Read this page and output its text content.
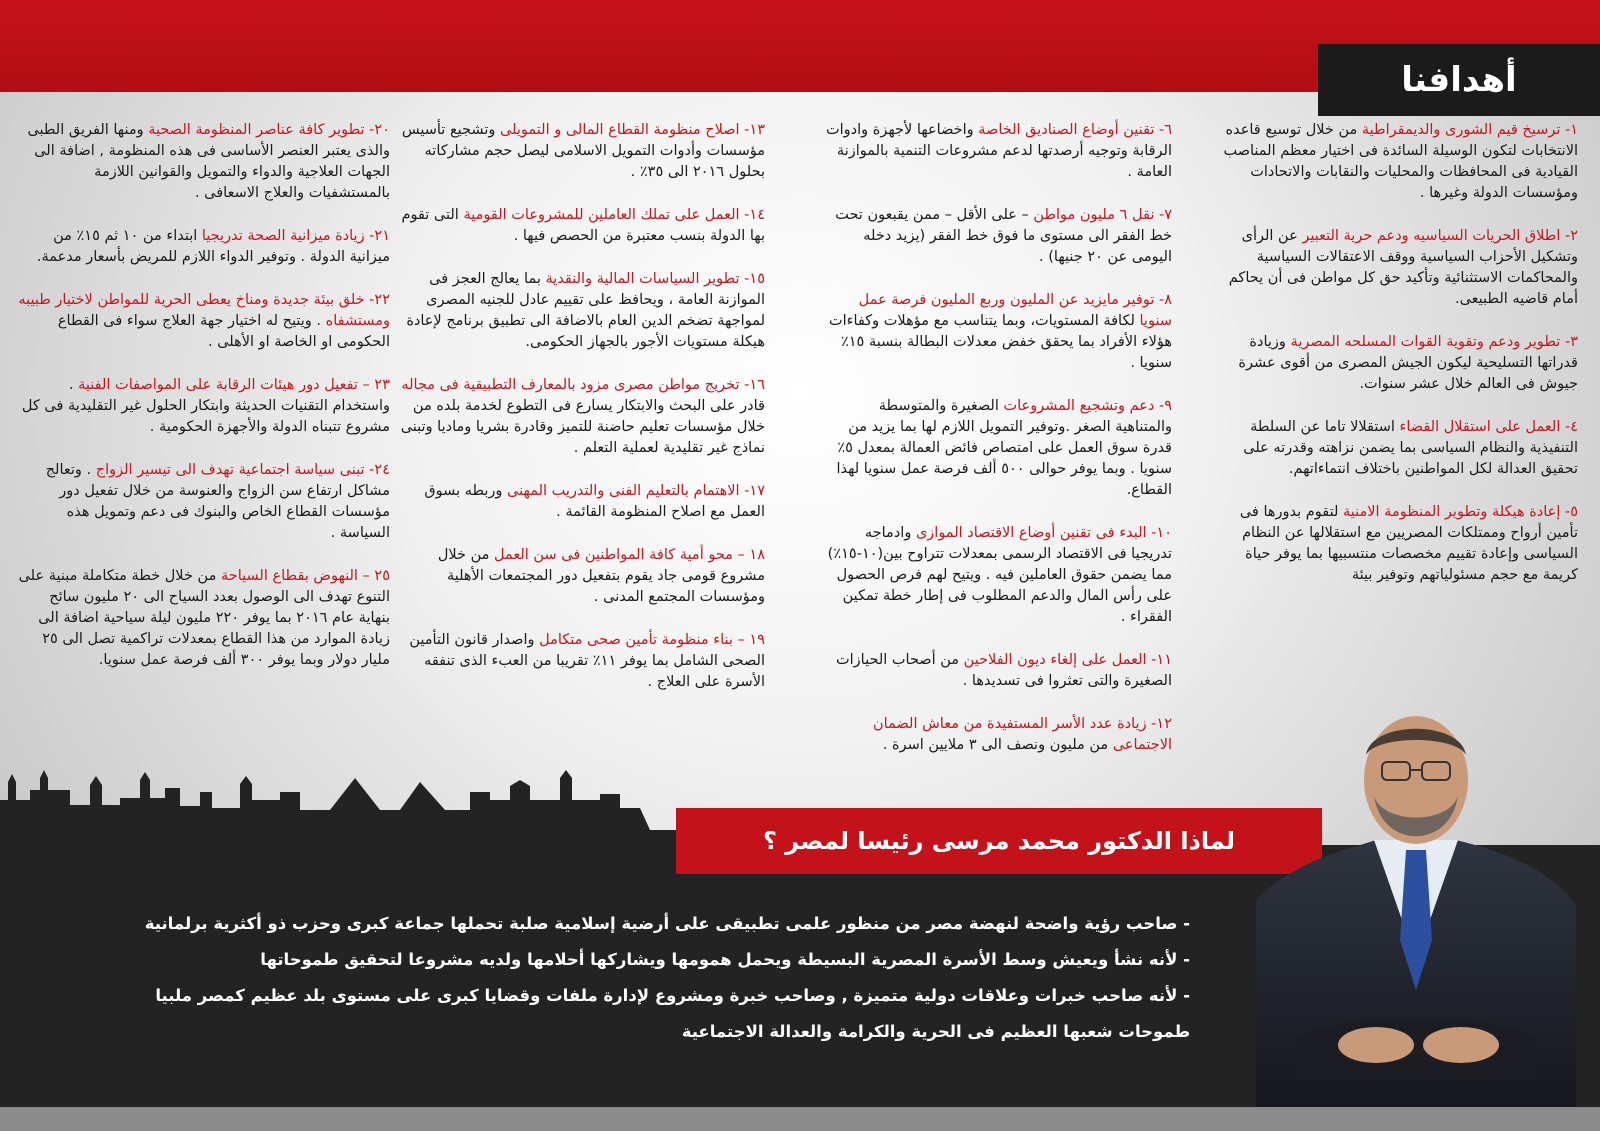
أهدافنا
١- ترسيخ قيم الشورى والديمقراطية من خلال توسيع قاعده الانتخابات لتكون الوسيلة السائدة فى اختيار معظم المناصب القيادية فى المحافظات والمحليات والنقابات والاتحادات ومؤسسات الدولة وغيرها .
٢- اطلاق الحريات السياسيه ودعم حرية التعبير عن الرأى وتشكيل الأحزاب السياسية ووقف الاعتقالات السياسية والمحاكمات الاستثنائية وتأكيد حق كل مواطن فى أن يحاكم أمام قاضيه الطبيعى.
٣- تطوير ودعم وتقوية القوات المسلحه المصرية وزيادة قدراتها التسليحية ليكون الجيش المصرى من أقوى عشرة جيوش فى العالم خلال عشر سنوات.
٤- العمل على استقلال القضاء استقلالا تاما عن السلطة التنفيذية والنظام السياسى بما يضمن نزاهته وقدرته على تحقيق العدالة لكل المواطنين باختلاف انتماءاتهم.
٥- إعادة هيكلة وتطوير المنظومة الامنية لتقوم بدورها فى تأمين أرواح وممتلكات المصريين مع استقلالها عن النظام السياسى وإعادة تقييم مخصصات منتسبيها بما يوفر حياة كريمة مع حجم مسئولياتهم وتوفير بيئة
٦- تقنين أوضاع الصناديق الخاصة واخضاعها لأجهزة وادوات الرقابة وتوجيه أرصدتها لدعم مشروعات التنمية بالموازنة العامة .
٧- نقل ٦ مليون مواطن – على الأقل – ممن يقبعون تحت خط الفقر الى مستوى ما فوق خط الفقر (يزيد دخله اليومى عن ٢٠ جنيها) .
٨- توفير مايزيد عن المليون وربع المليون فرصة عمل سنويا لكافة المستويات، وبما يتناسب مع مؤهلات وكفاءات هؤلاء الأفراد بما يحقق خفض معدلات البطالة بنسبة ١٥٪ سنويا .
٩- دعم وتشجيع المشروعات الصغيرة والمتوسطة والمتناهية الصغر .وتوفير التمويل اللازم لها بما يزيد من قدرة سوق العمل على امتصاص فائض العمالة بمعدل ٥٪ سنويا . وبما يوفر حوالى ٥٠٠ ألف فرصة عمل سنويا لهذا القطاع.
١٠- البدء فى تقنين أوضاع الاقتصاد الموازى وادماجه تدريجيا فى الاقتصاد الرسمى بمعدلات تتراوح بين(١٠-١٥٪) مما يضمن حقوق العاملين فيه . ويتيح لهم فرص الحصول على رأس المال والدعم المطلوب فى إطار خطة تمكين الفقراء .
١١- العمل على إلغاء ديون الفلاحين من أصحاب الحيازات الصغيرة والتى تعثروا فى تسديدها .
١٢- زيادة عدد الأسر المستفيدة من معاش الضمان الاجتماعى من مليون ونصف الى ٣ ملايين اسرة .
١٣- اصلاح منظومة القطاع المالى و التمويلى وتشجيع تأسيس مؤسسات وأدوات التمويل الاسلامى ليصل حجم مشاركاته بحلول ٢٠١٦ الى ٣٥٪ .
١٤- العمل على تملك العاملين للمشروعات القومية التى تقوم بها الدولة بنسب معتبرة من الحصص فيها .
١٥- تطوير السياسات المالية والنقدية بما يعالج العجز فى الموازنة العامة ، ويحافظ على تقييم عادل للجنيه المصرى لمواجهة تضخم الدين العام بالاضافة الى تطبيق برنامج لإعادة هيكلة مستويات الأجور بالجهاز الحكومى.
١٦- تخريج مواطن مصرى مزود بالمعارف التطبيقية فى مجاله قادر على البحث والابتكار يسارع فى التطوع لخدمة بلده من خلال مؤسسات تعليم حاضنة للتميز وقادرة بشريا وماديا وتبنى نماذج غير تقليدية لعملية التعلم .
١٧- الاهتمام بالتعليم الفنى والتدريب المهنى وربطه بسوق العمل مع اصلاح المنظومة القائمة .
١٨ – محو أمية كافة المواطنين فى سن العمل من خلال مشروع قومى جاد يقوم بتفعيل دور المجتمعات الأهلية ومؤسسات المجتمع المدنى .
١٩ – بناء منظومة تأمين صحى متكامل واصدار قانون التأمين الصحى الشامل بما يوفر ١١٪ تقريبا من العبء الذى تنفقه الأسرة على العلاج .
٢٠- تطوير كافة عناصر المنظومة الصحية ومنها الفريق الطبى والذى يعتبر العنصر الأساسى فى هذه المنظومة , اضافة الى الجهات العلاجية والدواء والتمويل والقوانين اللازمة بالمستشفيات والعلاج الاسعافى .
٢١- زيادة ميزانية الصحة تدريجيا ابتداء من ١٠ ثم ١٥٪ من ميزانية الدولة . وتوفير الدواء اللازم للمريض بأسعار مدعمة.
٢٢- خلق بيئة جديدة ومناخ يعطى الحرية للمواطن لاختيار طبيبه ومستشفاه . ويتيح له اختيار جهة العلاج سواء فى القطاع الحكومى او الخاصة او الأهلى .
٢٣ – تفعيل دور هيئات الرقابة على المواصفات الفنية . واستخدام التقنيات الحديثة وابتكار الحلول غير التقليدية فى كل مشروع تتبناه الدولة والأجهزة الحكومية .
٢٤- تبنى سياسة اجتماعية تهدف الى تيسير الزواج . وتعالج مشاكل ارتفاع سن الزواج والعنوسة من خلال تفعيل دور مؤسسات القطاع الخاص والبنوك فى دعم وتمويل هذه السياسة .
٢٥ – النهوض بقطاع السياحة من خلال خطة متكاملة مبنية على التنوع تهدف الى الوصول بعدد السياح الى ٢٠ مليون سائح بنهاية عام ٢٠١٦ بما يوفر ٢٢٠ مليون ليلة سياحية اضافة الى زيادة الموارد من هذا القطاع بمعدلات تراكمية تصل الى ٢٥ مليار دولار وبما يوفر ٣٠٠ ألف فرصة عمل سنويا.
لماذا الدكتور محمد مرسى رئيسا لمصر ؟
- صاحب رؤية واضحة لنهضة مصر من منظور علمى تطبيقى على أرضية إسلامية صلبة تحملها جماعة كبرى وحزب ذو أكثرية برلمانية
- لأنه نشأ ويعيش وسط الأسرة المصرية البسيطة ويحمل همومها ويشاركها أحلامها ولديه مشروعا لتحقيق طموحاتها
- لأنه صاحب خبرات وعلاقات دولية متميزة , وصاحب خبرة ومشروع لإدارة ملفات وقضايا كبرى على مستوى بلد عظيم كمصر ملبيا
طموحات شعبها العظيم فى الحرية والكرامة والعدالة الاجتماعية
